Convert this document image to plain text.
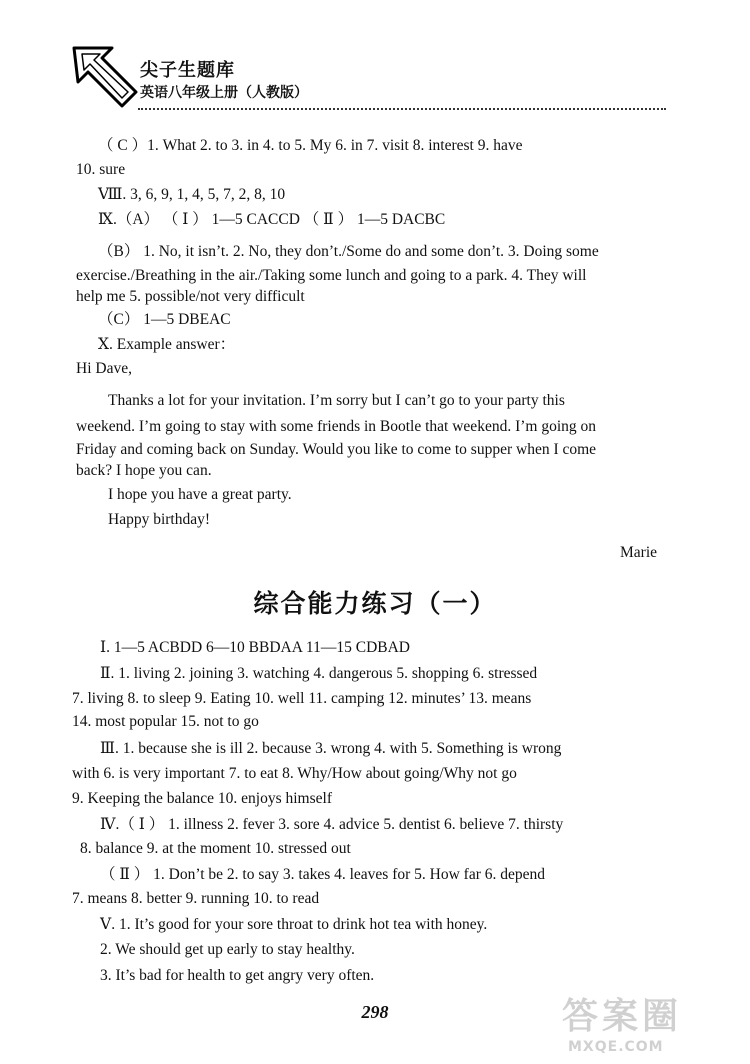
尖子生题库
英语八年级上册（人教版）
（ C ）1. What 2. to 3. in 4. to 5. My 6. in 7. visit 8. interest 9. have
10. sure
Ⅷ. 3, 6, 9, 1, 4, 5, 7, 2, 8, 10
Ⅸ.（A） （ Ⅰ ） 1—5 CACCD （ Ⅱ ） 1—5 DACBC
（B） 1. No, it isn’t. 2. No, they don’t./Some do and some don’t. 3. Doing some
exercise./Breathing in the air./Taking some lunch and going to a park. 4. They will
help me 5. possible/not very difficult
（C） 1—5 DBEAC
Ⅹ. Example answer：
Hi Dave,
Thanks a lot for your invitation. I’m sorry but I can’t go to your party this
weekend. I’m going to stay with some friends in Bootle that weekend. I’m going on
Friday and coming back on Sunday. Would you like to come to supper when I come
back? I hope you can.
I hope you have a great party.
Happy birthday!
Marie
综合能力练习（一）
Ⅰ. 1—5 ACBDD 6—10 BBDAA 11—15 CDBAD
Ⅱ. 1. living 2. joining 3. watching 4. dangerous 5. shopping 6. stressed
7. living 8. to sleep 9. Eating 10. well 11. camping 12. minutes’ 13. means
14. most popular 15. not to go
Ⅲ. 1. because she is ill 2. because 3. wrong 4. with 5. Something is wrong
with 6. is very important 7. to eat 8. Why/How about going/Why not go
9. Keeping the balance 10. enjoys himself
Ⅳ.（ Ⅰ ） 1. illness 2. fever 3. sore 4. advice 5. dentist 6. believe 7. thirsty
8. balance 9. at the moment 10. stressed out
（ Ⅱ ） 1. Don’t be 2. to say 3. takes 4. leaves for 5. How far 6. depend
7. means 8. better 9. running 10. to read
Ⅴ. 1. It’s good for your sore throat to drink hot tea with honey.
2. We should get up early to stay healthy.
3. It’s bad for health to get angry very often.
298	答案圈
MXQE.COM
